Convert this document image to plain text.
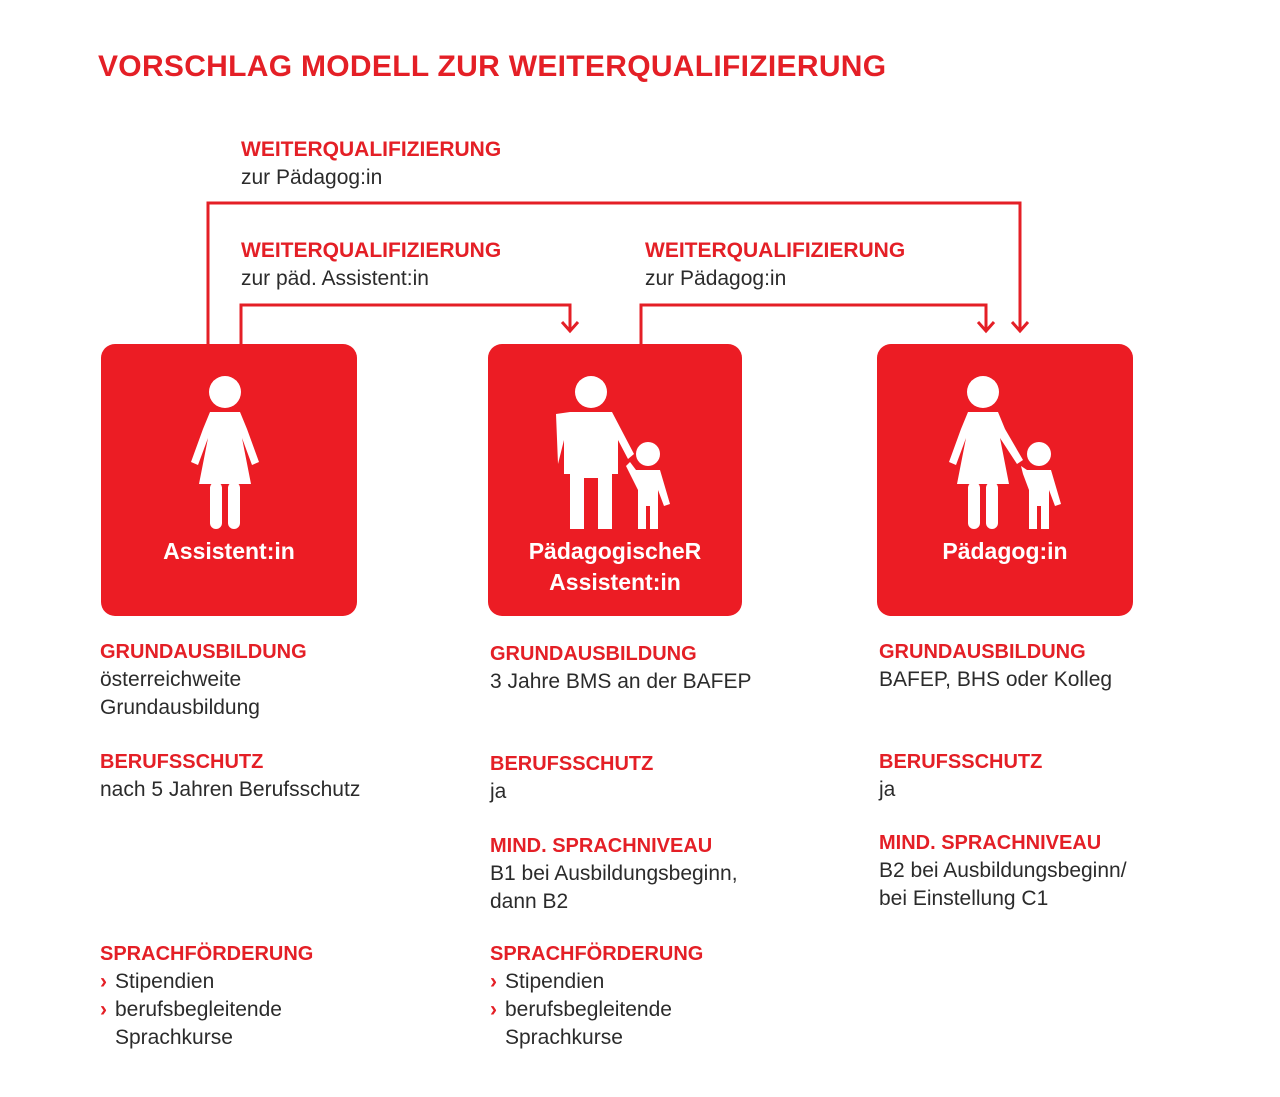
VORSCHLAG MODELL ZUR WEITERQUALIFIZIERUNG
WEITERQUALIFIZIERUNG
zur Pädagog:in
WEITERQUALIFIZIERUNG
zur päd. Assistent:in
WEITERQUALIFIZIERUNG
zur Pädagog:in
Assistent:in	PädagogischeR
Assistent:in
Pädagog:in
GRUNDAUSBILDUNG
österreichweite
Grundausbildung
BERUFSSCHUTZ
nach 5 Jahren Berufsschutz
SPRACHFÖRDERUNG
› Stipendien
› berufsbegleitende Sprachkurse
GRUNDAUSBILDUNG
3 Jahre BMS an der BAFEP
BERUFSSCHUTZ
ja
MIND. SPRACHNIVEAU
B1 bei Ausbildungsbeginn,
dann B2
SPRACHFÖRDERUNG
› Stipendien
› berufsbegleitende Sprachkurse
GRUNDAUSBILDUNG
BAFEP, BHS oder Kolleg
BERUFSSCHUTZ
ja
MIND. SPRACHNIVEAU
B2 bei Ausbildungsbeginn/
bei Einstellung C1
